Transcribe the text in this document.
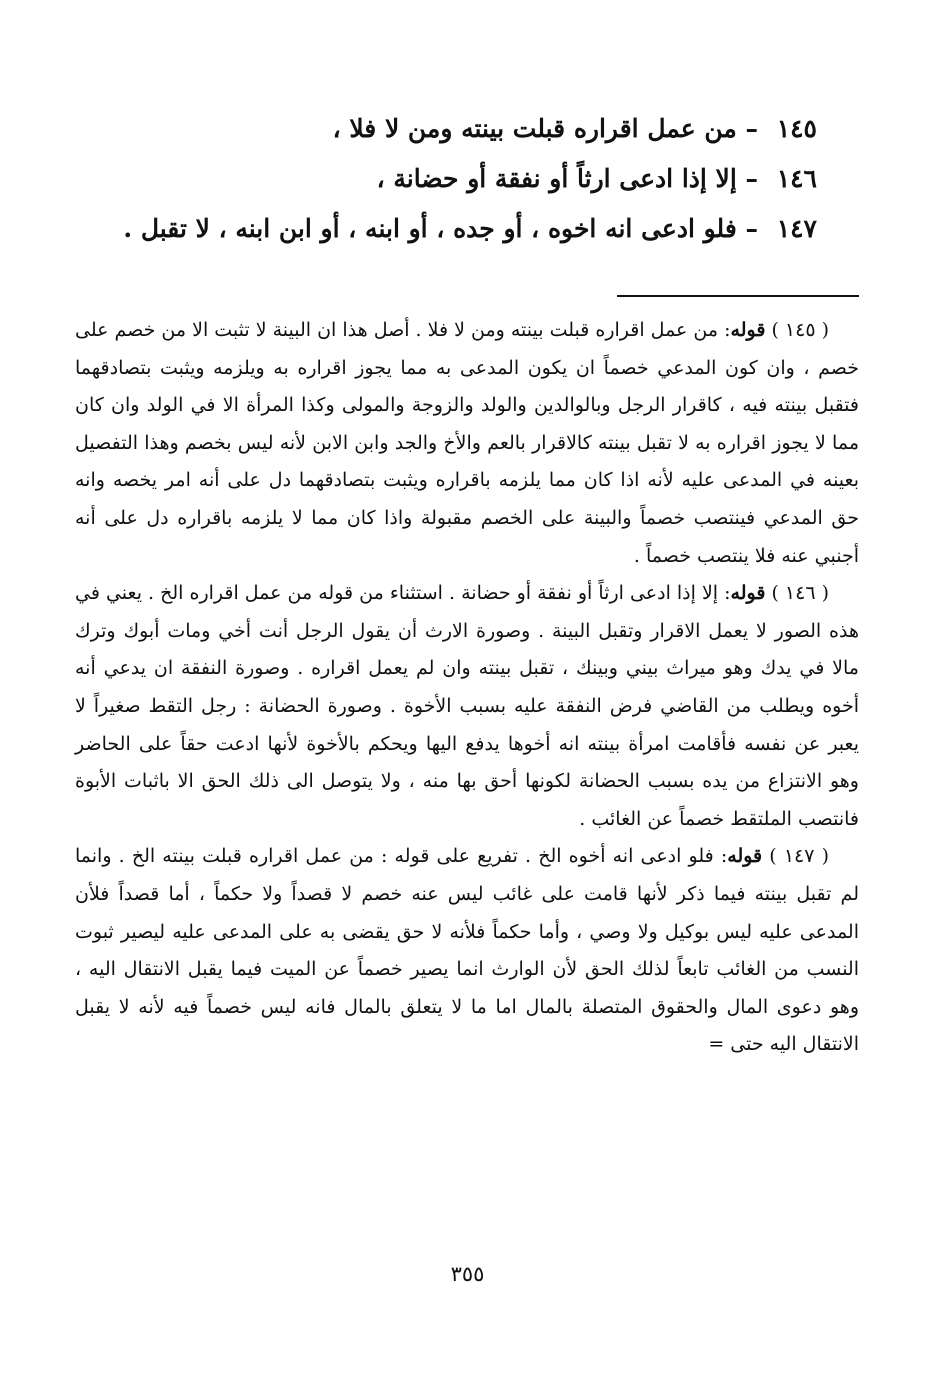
١٤٥ – من عمل اقراره قبلت بينته ومن لا فلا ،

١٤٦ – إلا إذا ادعى ارثاً أو نفقة أو حضانة ،

١٤٧ – فلو ادعى انه اخوه ، أو جده ، أو ابنه ، أو ابن ابنه ، لا تقبل .

( ١٤٥ ) قوله: من عمل اقراره قبلت بينته ومن لا فلا . أصل هذا ان البينة لا تثبت الا من خصم على خصم ، وان كون المدعي خصماً ان يكون المدعى به مما يجوز اقراره به ويلزمه ويثبت بتصادقهما فتقبل بينته فيه ، كاقرار الرجل وبالوالدين والولد والزوجة والمولى وكذا المرأة الا في الولد وان كان مما لا يجوز اقراره به لا تقبل بينته كالاقرار بالعم والأخ والجد وابن الابن لأنه ليس بخصم وهذا التفصيل بعينه في المدعى عليه لأنه اذا كان مما يلزمه باقراره ويثبت بتصادقهما دل على أنه امر يخصه وانه حق المدعي فينتصب خصماً والبينة على الخصم مقبولة واذا كان مما لا يلزمه باقراره دل على أنه أجنبي عنه فلا ينتصب خصماً .

( ١٤٦ ) قوله: إلا إذا ادعى ارثاً أو نفقة أو حضانة . استثناء من قوله من عمل اقراره الخ . يعني في هذه الصور لا يعمل الاقرار وتقبل البينة . وصورة الارث أن يقول الرجل أنت أخي ومات أبوك وترك مالا في يدك وهو ميراث بيني وبينك ، تقبل بينته وان لم يعمل اقراره . وصورة النفقة ان يدعي أنه أخوه ويطلب من القاضي فرض النفقة عليه بسبب الأخوة . وصورة الحضانة : رجل التقط صغيراً لا يعبر عن نفسه فأقامت امرأة بينته انه أخوها يدفع اليها ويحكم بالأخوة لأنها ادعت حقاً على الحاضر وهو الانتزاع من يده بسبب الحضانة لكونها أحق بها منه ، ولا يتوصل الى ذلك الحق الا باثبات الأبوة فانتصب الملتقط خصماً عن الغائب .

( ١٤٧ ) قوله: فلو ادعى انه أخوه الخ . تفريع على قوله : من عمل اقراره قبلت بينته الخ . وانما لم تقبل بينته فيما ذكر لأنها قامت على غائب ليس عنه خصم لا قصداً ولا حكماً ، أما قصداً فلأن المدعى عليه ليس بوكيل ولا وصي ، وأما حكماً فلأنه لا حق يقضى به على المدعى عليه ليصير ثبوت النسب من الغائب تابعاً لذلك الحق لأن الوارث انما يصير خصماً عن الميت فيما يقبل الانتقال اليه ، وهو دعوى المال والحقوق المتصلة بالمال اما ما لا يتعلق بالمال فانه ليس خصماً فيه لأنه لا يقبل الانتقال اليه حتى =

٣٥٥
